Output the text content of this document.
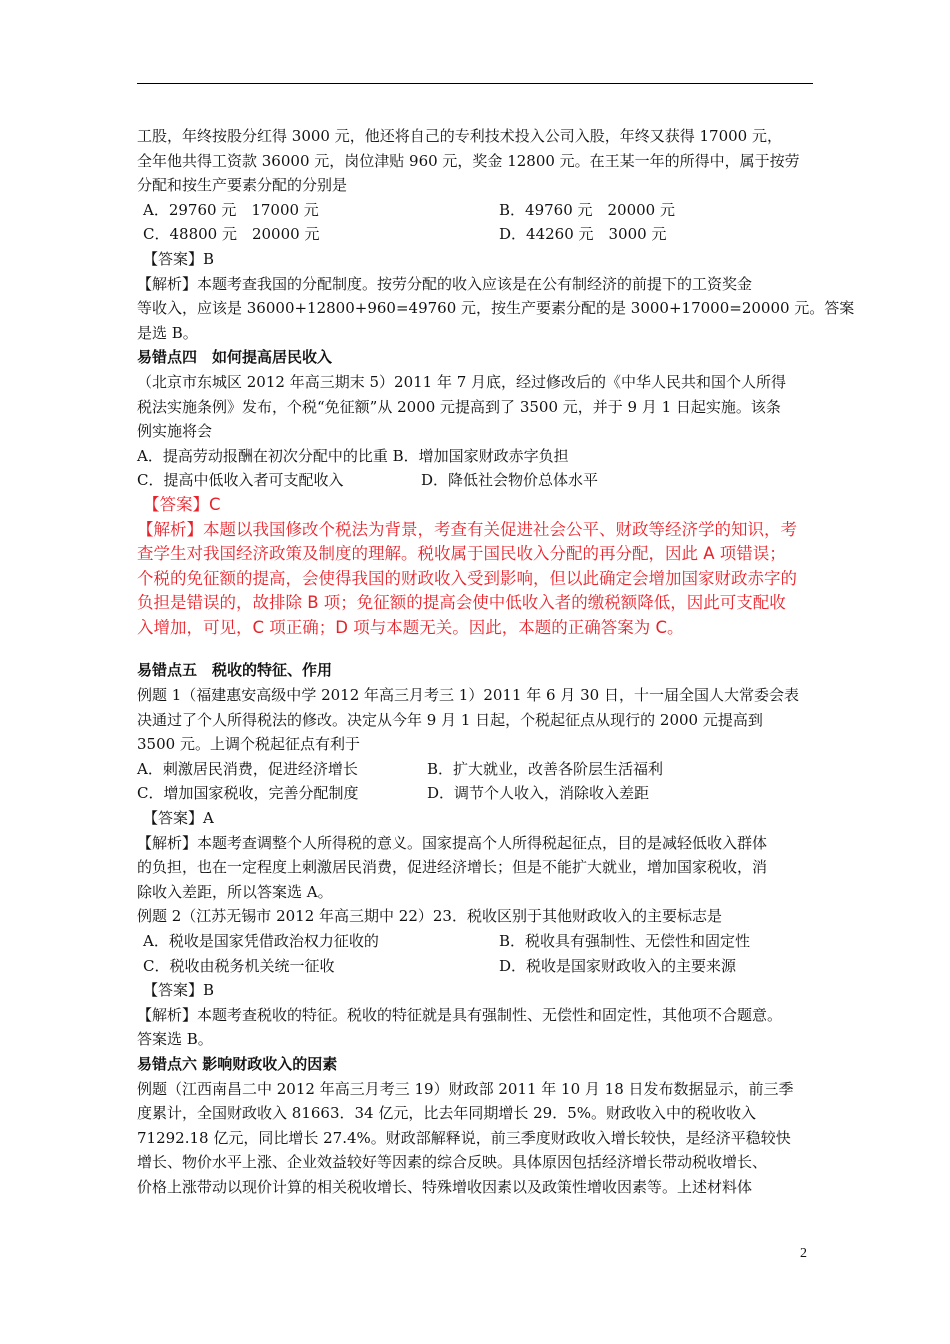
工股，年终按股分红得 3000 元，他还将自己的专利技术投入公司入股，年终又获得 17000 元，
全年他共得工资款 36000 元，岗位津贴 960 元，奖金 12800 元。在王某一年的所得中，属于按劳
分配和按生产要素分配的分别是
A．29760 元　17000 元	B．49760 元　20000 元
C．48800 元　20000 元	D．44260 元　3000 元
【答案】B
【解析】本题考查我国的分配制度。按劳分配的收入应该是在公有制经济的前提下的工资奖金
等收入，应该是 36000+12800+960=49760 元，按生产要素分配的是 3000+17000=20000 元。答案
是选 B。
易错点四　如何提高居民收入
（北京市东城区 2012 年高三期末 5）2011 年 7 月底，经过修改后的《中华人民共和国个人所得
税法实施条例》发布，个税“免征额”从 2000 元提高到了 3500 元，并于 9 月 1 日起实施。该条
例实施将会
A．提高劳动报酬在初次分配中的比重 B．增加国家财政赤字负担
C．提高中低收入者可支配收入	D．降低社会物价总体水平
【答案】C
【解析】本题以我国修改个税法为背景，考查有关促进社会公平、财政等经济学的知识，考
查学生对我国经济政策及制度的理解。税收属于国民收入分配的再分配，因此 A 项错误；
个税的免征额的提高，会使得我国的财政收入受到影响，但以此确定会增加国家财政赤字的
负担是错误的，故排除 B 项；免征额的提高会使中低收入者的缴税额降低，因此可支配收
入增加，可见，C 项正确；D 项与本题无关。因此，本题的正确答案为 C。
易错点五　税收的特征、作用
例题 1（福建惠安高级中学 2012 年高三月考三 1）2011 年 6 月 30 日，十一届全国人大常委会表
决通过了个人所得税法的修改。决定从今年 9 月 1 日起，个税起征点从现行的 2000 元提高到
3500 元。上调个税起征点有利于
A．刺激居民消费，促进经济增长	B．扩大就业，改善各阶层生活福利
C．增加国家税收，完善分配制度	D．调节个人收入，消除收入差距
【答案】A
【解析】本题考查调整个人所得税的意义。国家提高个人所得税起征点，目的是减轻低收入群体
的负担，也在一定程度上刺激居民消费，促进经济增长；但是不能扩大就业，增加国家税收，消
除收入差距，所以答案选 A。
例题 2（江苏无锡市 2012 年高三期中 22）23．税收区别于其他财政收入的主要标志是
A．税收是国家凭借政治权力征收的	B．税收具有强制性、无偿性和固定性
C．税收由税务机关统一征收	D．税收是国家财政收入的主要来源
【答案】B
【解析】本题考查税收的特征。税收的特征就是具有强制性、无偿性和固定性，其他项不合题意。
答案选 B。
易错点六 影响财政收入的因素
例题（江西南昌二中 2012 年高三月考三 19）财政部 2011 年 10 月 18 日发布数据显示，前三季
度累计，全国财政收入 81663．34 亿元，比去年同期增长 29．5%。财政收入中的税收收入
71292.18 亿元，同比增长 27.4%。财政部解释说，前三季度财政收入增长较快，是经济平稳较快
增长、物价水平上涨、企业效益较好等因素的综合反映。具体原因包括经济增长带动税收增长、
价格上涨带动以现价计算的相关税收增长、特殊增收因素以及政策性增收因素等。上述材料体
2
